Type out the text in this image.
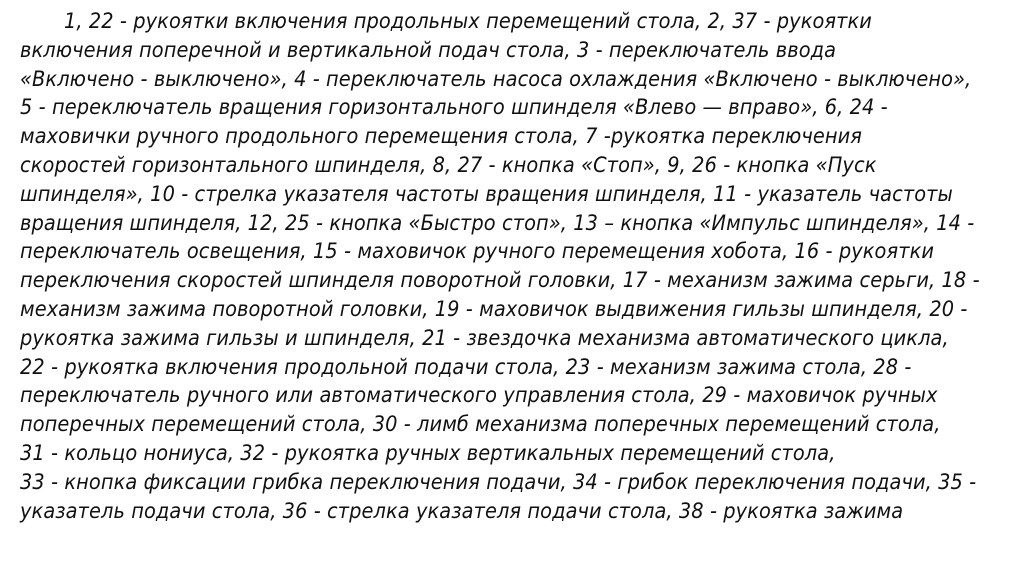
1, 22 - рукоятки включения продольных перемещений стола, 2, 37 - рукоятки
включения поперечной и вертикальной подач стола, 3 - переключатель ввода
«Включено - выключено», 4 - переключатель насоса охлаждения «Включено - выключено»,
5 - переключатель вращения горизонтального шпинделя «Влево — вправо», 6, 24 -
маховички ручного продольного перемещения стола, 7 -рукоятка переключения
скоростей горизонтального шпинделя, 8, 27 - кнопка «Стоп», 9, 26 - кнопка «Пуск
шпинделя», 10 - стрелка указателя частоты вращения шпинделя, 11 - указатель частоты
вращения шпинделя, 12, 25 - кнопка «Быстро стоп», 13 – кнопка «Импульс шпинделя», 14 -
переключатель освещения, 15 - маховичок ручного перемещения хобота, 16 - рукоятки
переключения скоростей шпинделя поворотной головки, 17 - механизм зажима серьги, 18 -
механизм зажима поворотной головки, 19 - маховичок выдвижения гильзы шпинделя, 20 -
рукоятка зажима гильзы и шпинделя, 21 - звездочка механизма автоматического цикла,
22 - рукоятка включения продольной подачи стола, 23 - механизм зажима стола, 28 -
переключатель ручного или автоматического управления стола, 29 - маховичок ручных
поперечных перемещений стола, 30 - лимб механизма поперечных перемещений стола,
31 - кольцо нониуса, 32 - рукоятка ручных вертикальных перемещений стола,
33 - кнопка фиксации грибка переключения подачи, 34 - грибок переключения подачи, 35 -
указатель подачи стола, 36 - стрелка указателя подачи стола, 38 - рукоятка зажима
